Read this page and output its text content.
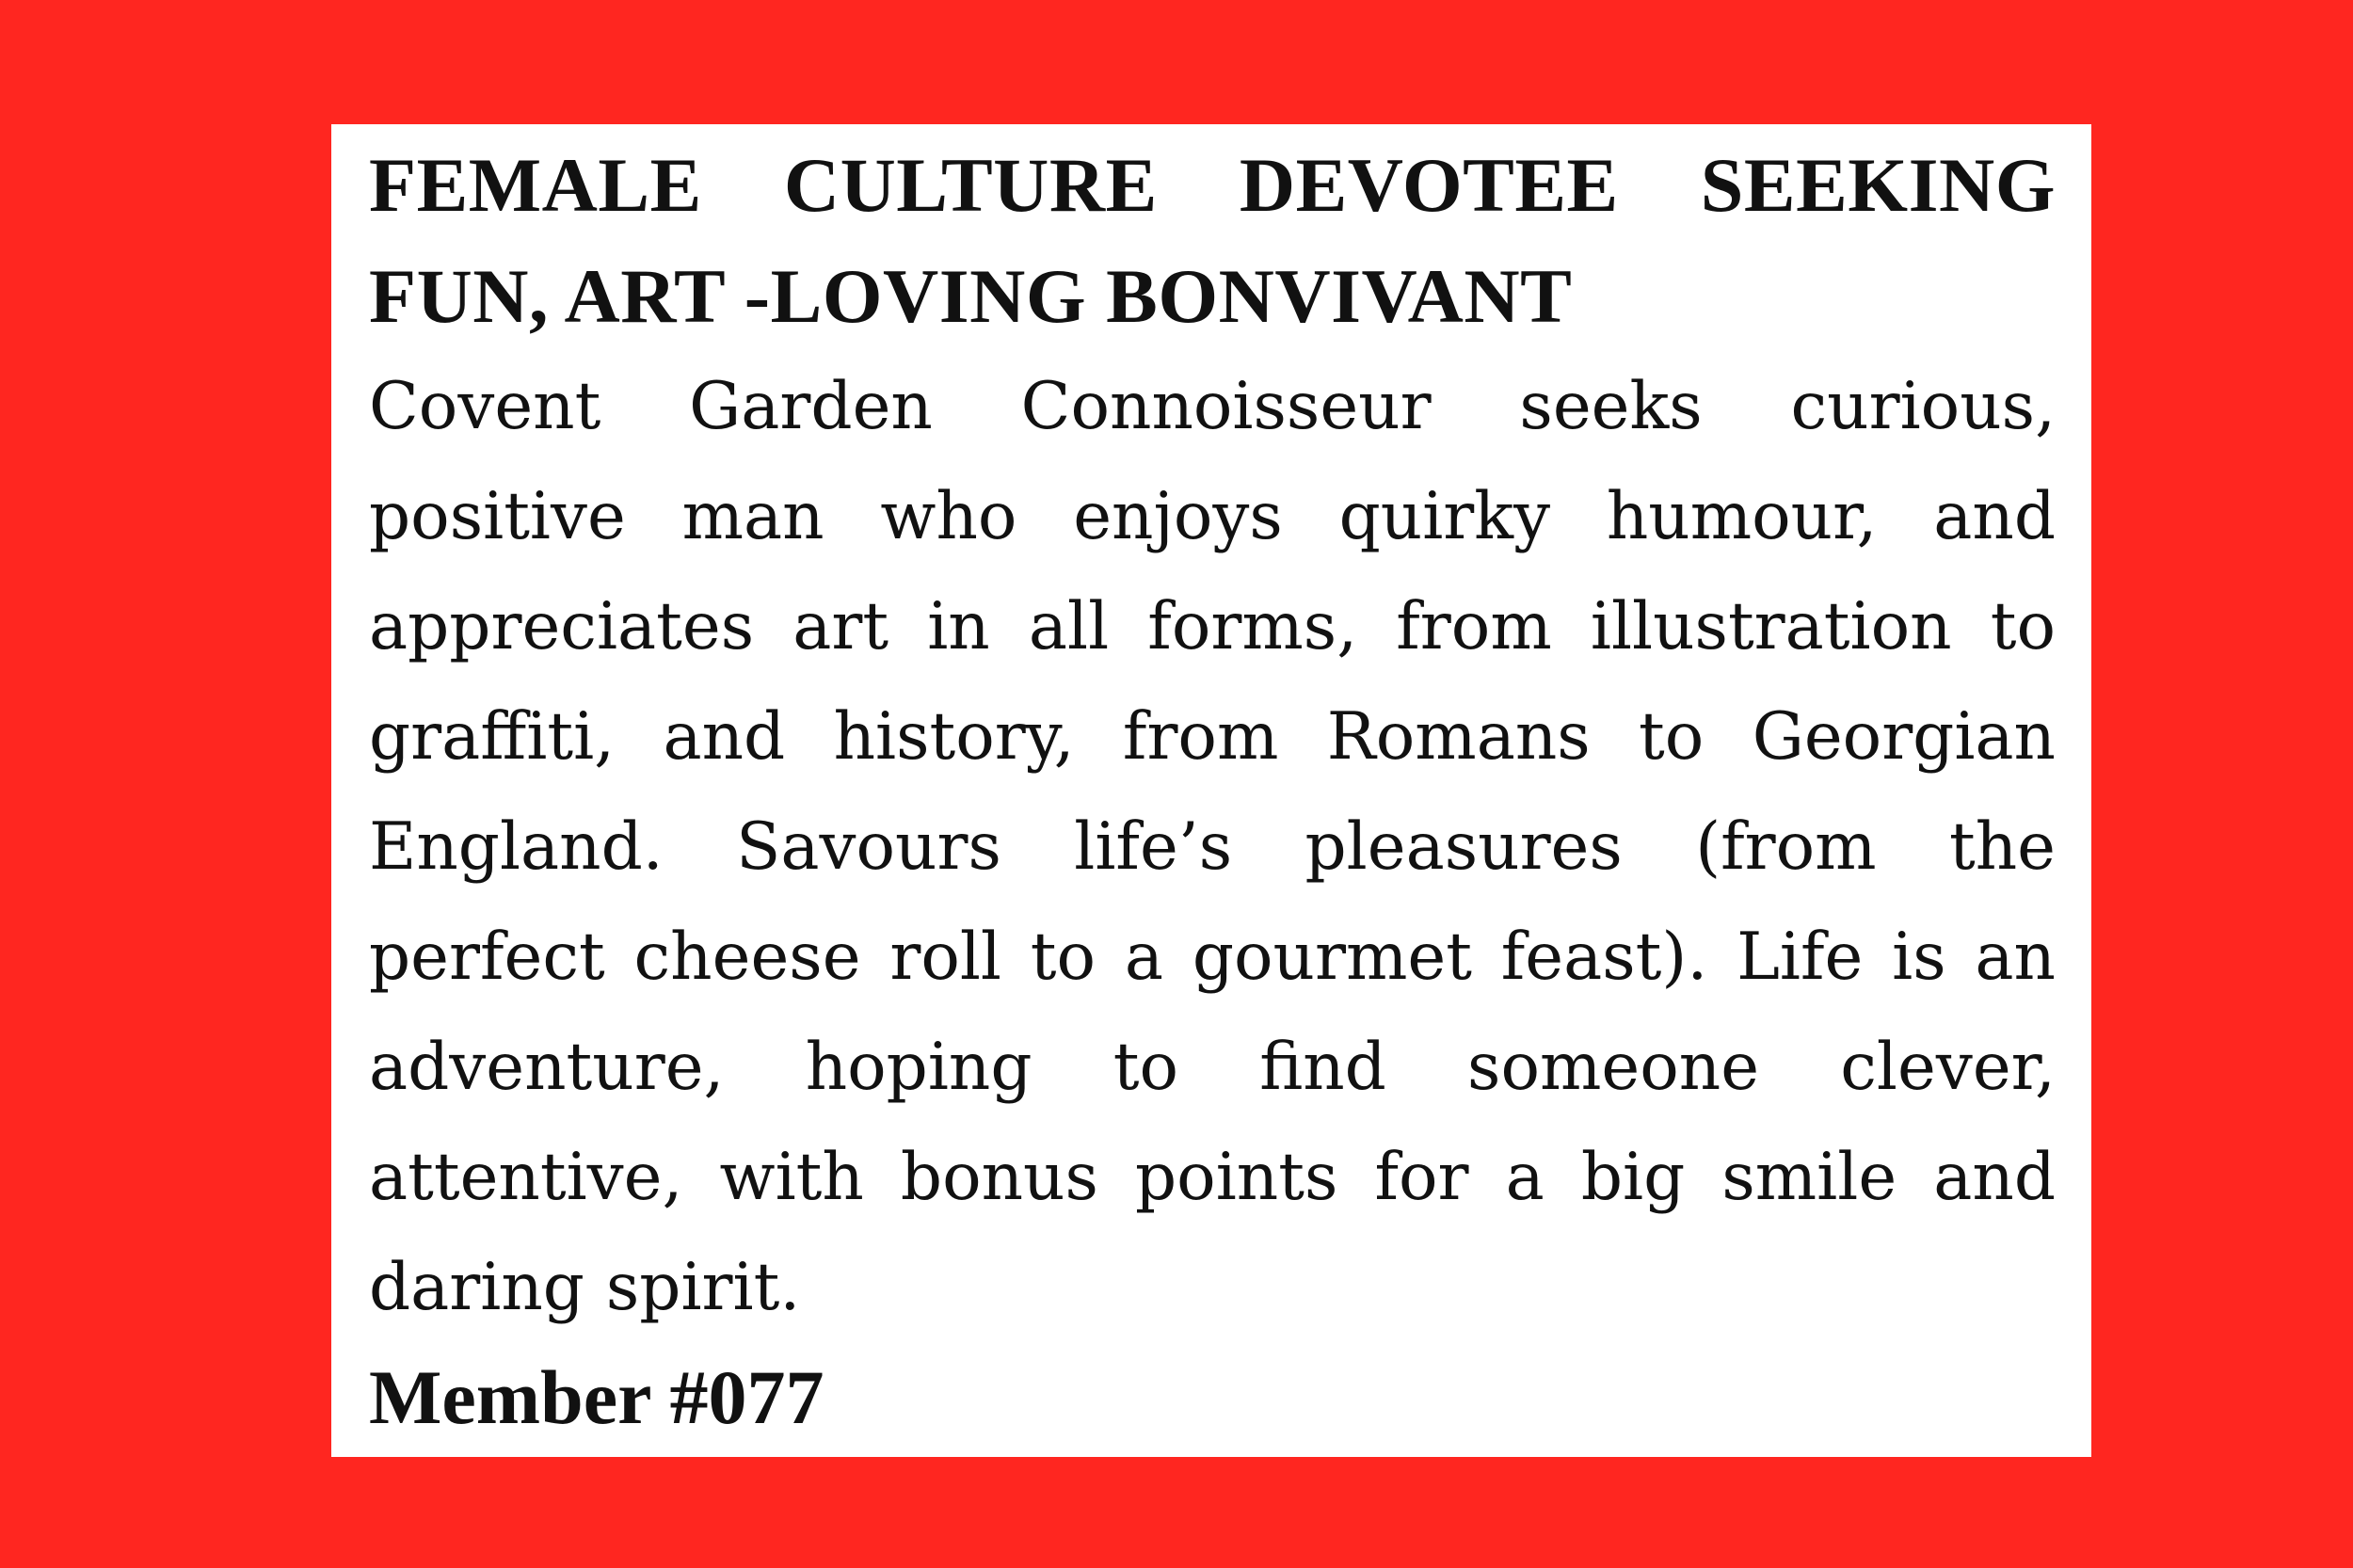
FEMALE CULTURE DEVOTEE SEEKING FUN, ART -LOVING BONVIVANT

Covent Garden Connoisseur seeks curious, positive man who enjoys quirky humour, and appreciates art in all forms, from illustration to graffiti, and history, from Romans to Georgian England. Savours life’s pleasures (from the perfect cheese roll to a gourmet feast). Life is an adventure, hoping to find someone clever, attentive, with bonus points for a big smile and daring spirit.

Member #077
